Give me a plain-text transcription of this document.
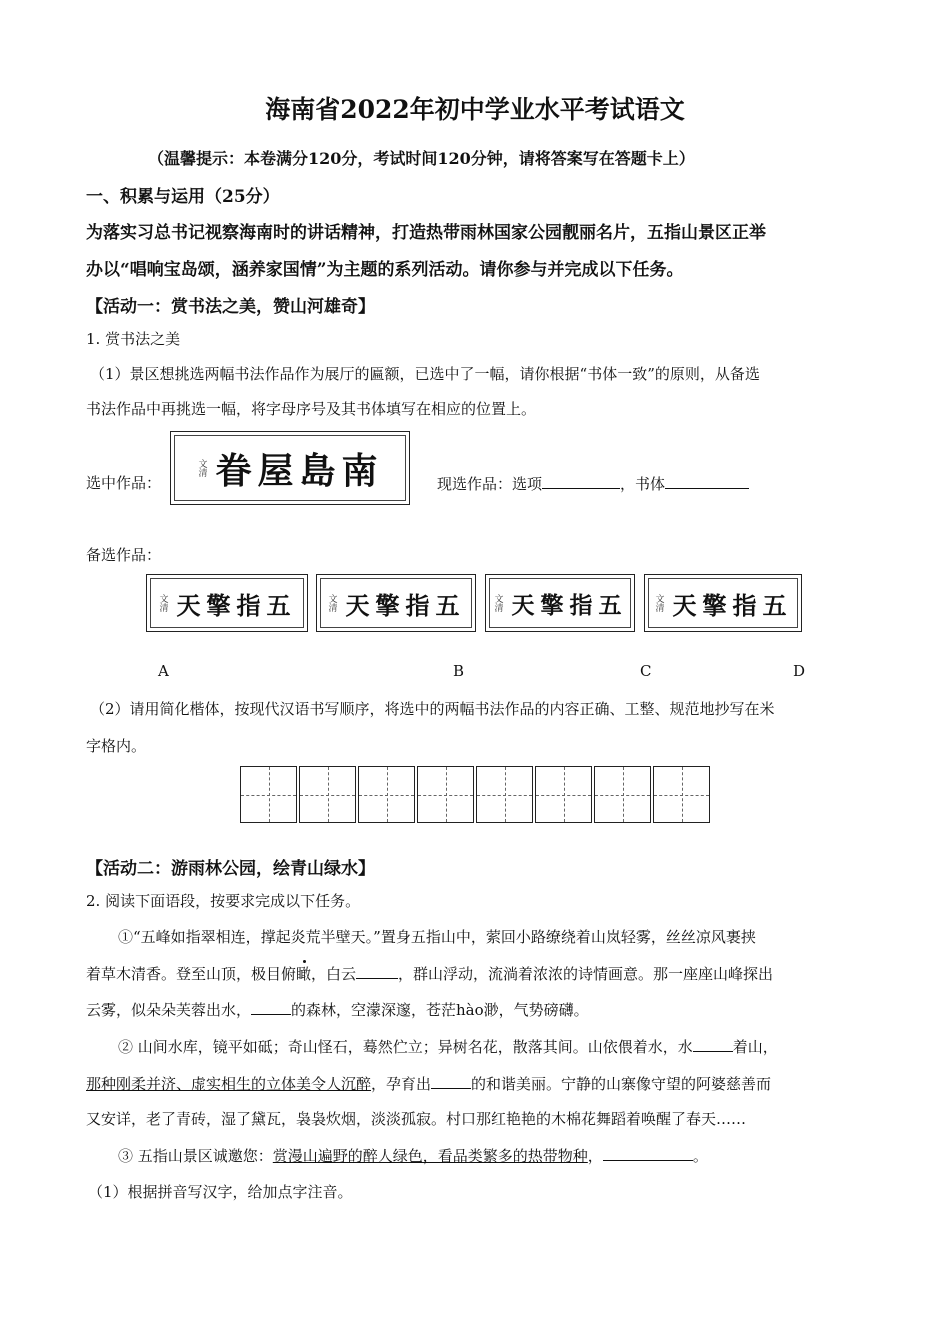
海南省2022年初中学业水平考试语文
（温馨提示：本卷满分120分，考试时间120分钟，请将答案写在答题卡上）
一、积累与运用（25分）
为落实习总书记视察海南时的讲话精神，打造热带雨林国家公园靓丽名片，五指山景区正举
办以“唱响宝岛颂，涵养家国情”为主题的系列活动。请你参与并完成以下任务。
【活动一：赏书法之美，赞山河雄奇】
1. 赏书法之美
（1）景区想挑选两幅书法作品作为展厅的匾额，已选中了一幅，请你根据“书体一致”的原则，从备选
书法作品中再挑选一幅，将字母序号及其书体填写在相应的位置上。
选中作品：
文清 眷屋島南	现选作品：选项	，书体
备选作品：
文清 天擎指五	文清 天擎指五	文清 天擎指五	文清 天擎指五
A	B	C	D
（2）请用简化楷体，按现代汉语书写顺序，将选中的两幅书法作品的内容正确、工整、规范地抄写在米
字格内。
【活动二：游雨林公园，绘青山绿水】
2. 阅读下面语段，按要求完成以下任务。
①“五峰如指翠相连，撑起炎荒半壁天。”置身五指山中，萦回小路缭绕着山岚轻雾，丝丝凉风裹挟
着草木清香。登至山顶，极目俯瞰，白云	，群山浮动，流淌着浓浓的诗情画意。那一座座山峰探出
云雾，似朵朵芙蓉出水，	的森林，空濛深邃，苍茫hào渺，气势磅礴。
② 山间水库，镜平如砥；奇山怪石，蓦然伫立；异树名花，散落其间。山依偎着水，水	着山，
那种刚柔并济、虚实相生的立体美令人沉醉，孕育出	的和谐美丽。宁静的山寨像守望的阿婆慈善而
又安详，老了青砖，湿了黛瓦，袅袅炊烟，淡淡孤寂。村口那红艳艳的木棉花舞蹈着唤醒了春天……
③ 五指山景区诚邀您：赏漫山遍野的醉人绿色，看品类繁多的热带物种，	。
（1）根据拼音写汉字，给加点字注音。
